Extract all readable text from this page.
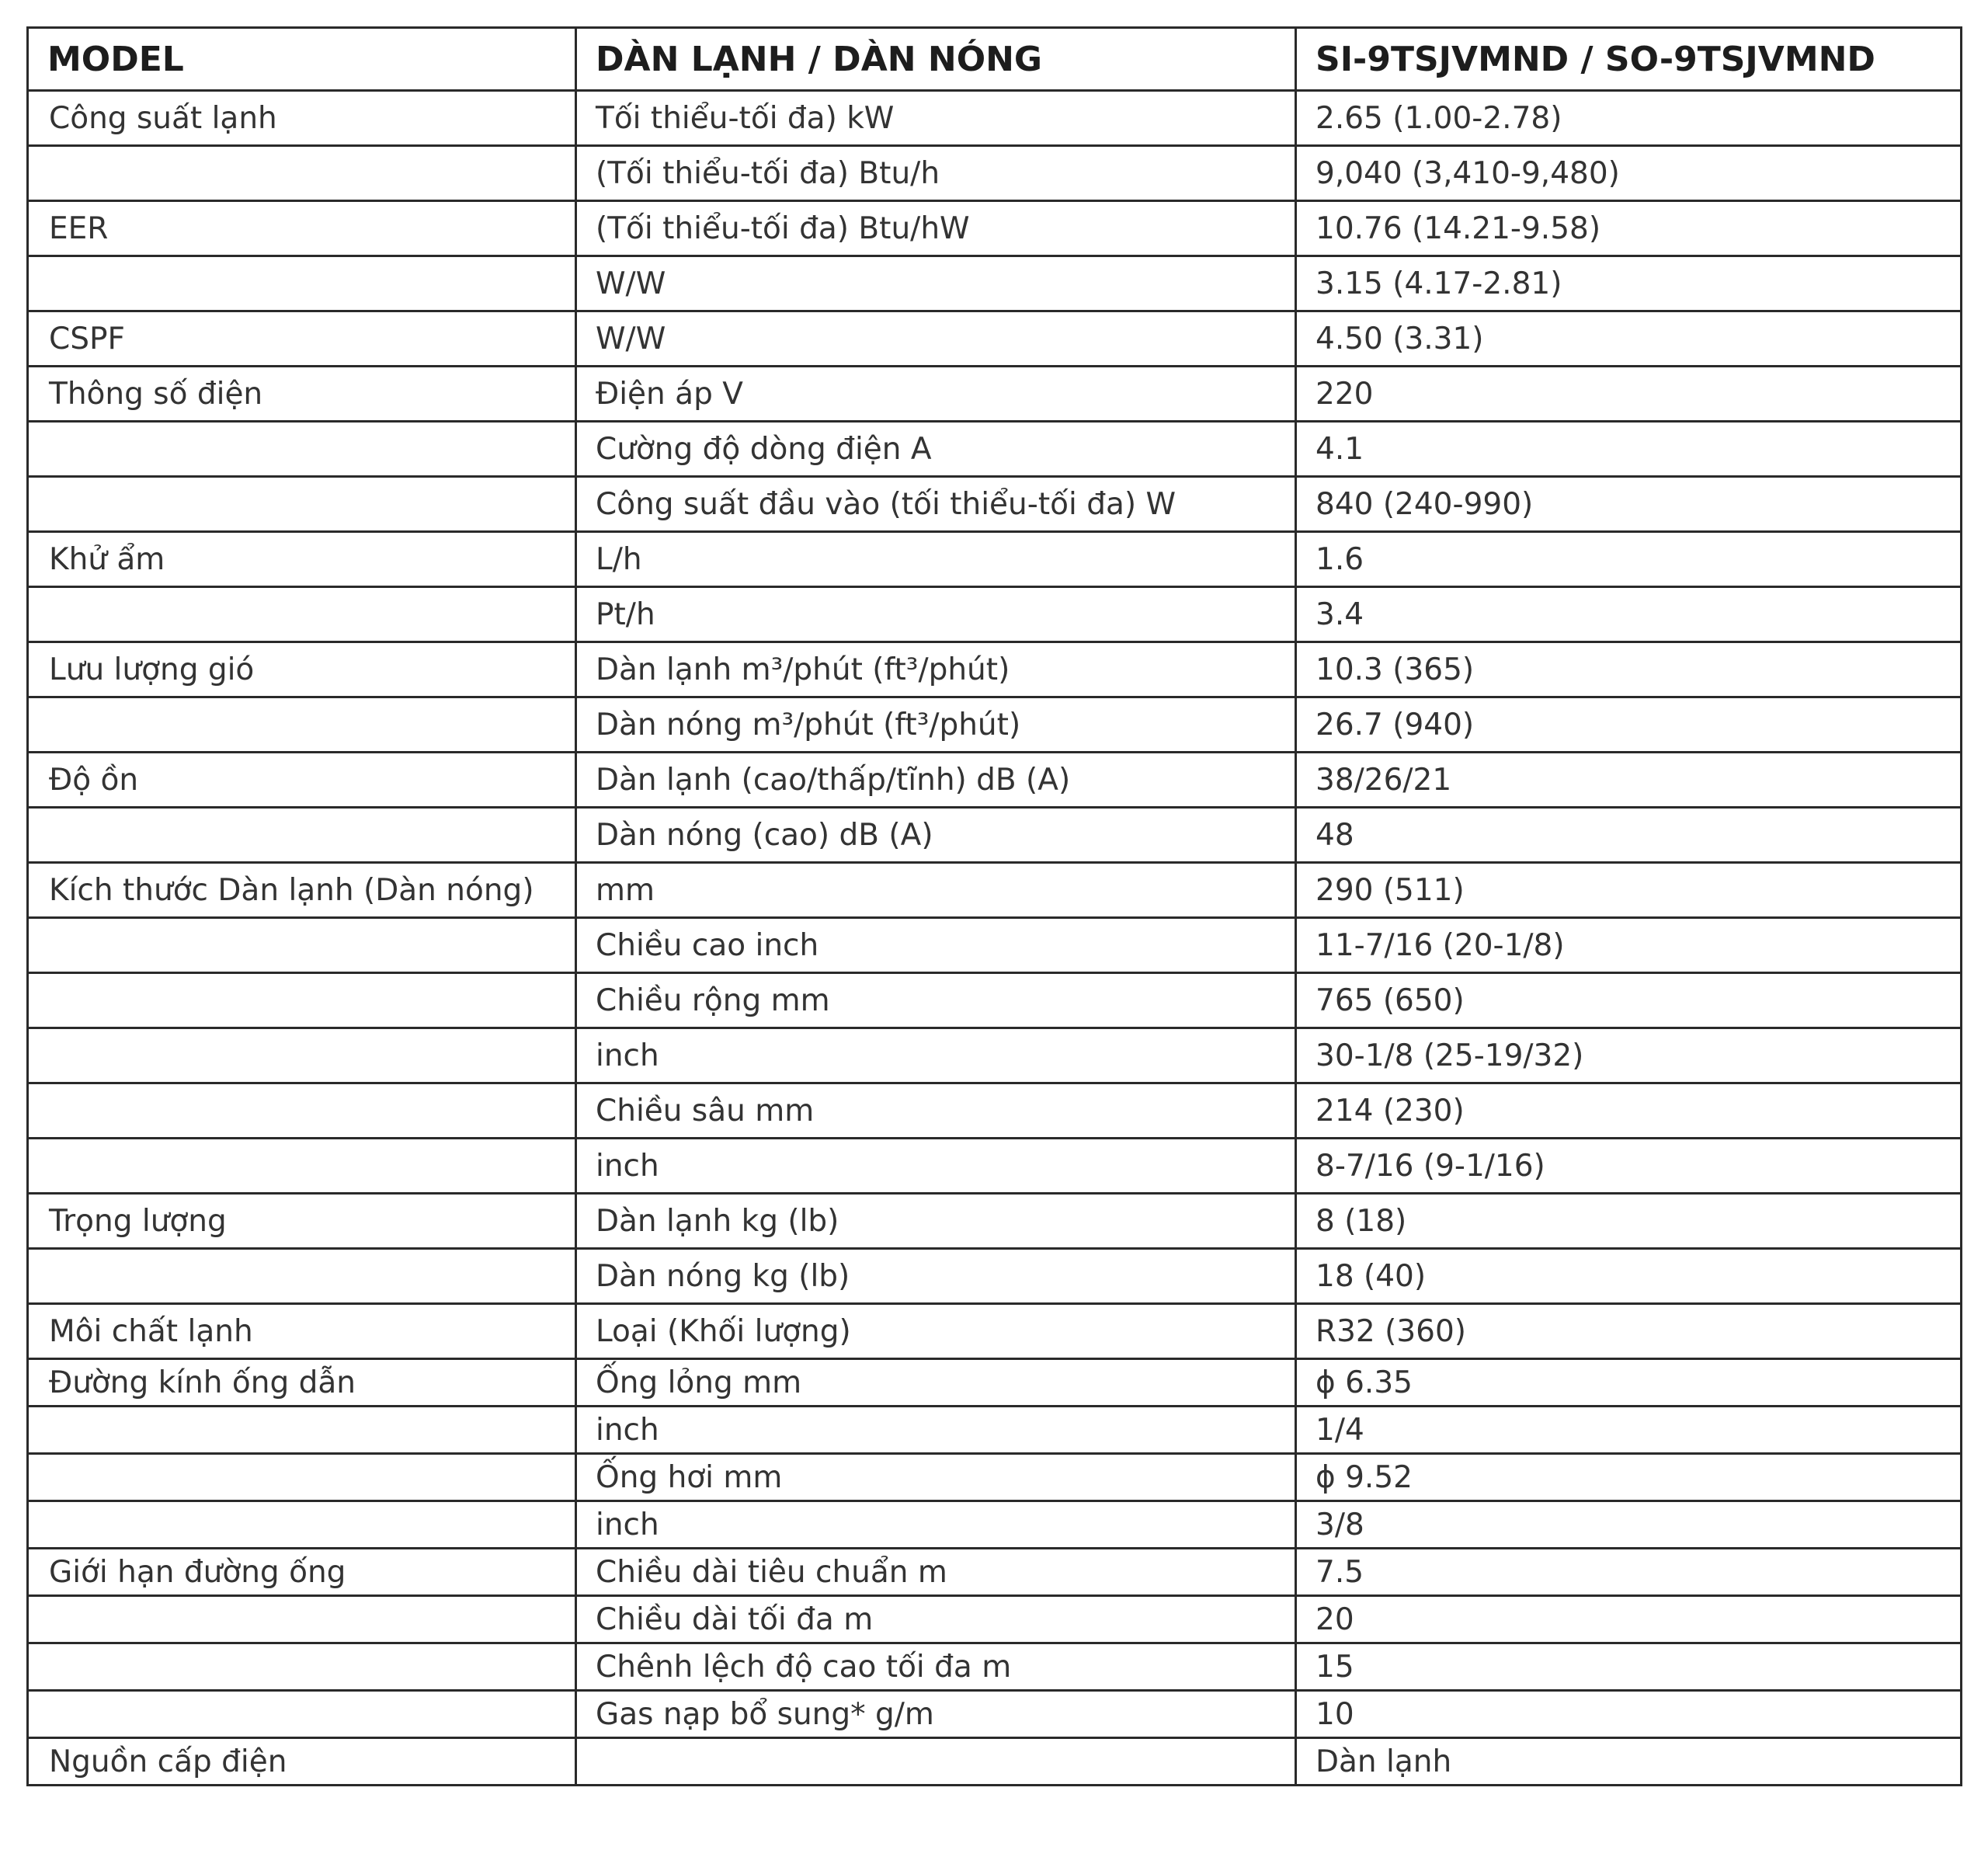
MODEL	DÀN LẠNH / DÀN NÓNG	SI-9TSJVMND / SO-9TSJVMND
Công suất lạnh	Tối thiểu-tối đa) kW	2.65 (1.00-2.78)
	(Tối thiểu-tối đa) Btu/h	9,040 (3,410-9,480)
EER	(Tối thiểu-tối đa) Btu/hW	10.76 (14.21-9.58)
	W/W	3.15 (4.17-2.81)
CSPF	W/W	4.50 (3.31)
Thông số điện	Điện áp V	220
	Cường độ dòng điện A	4.1
	Công suất đầu vào (tối thiểu-tối đa) W	840 (240-990)
Khử ẩm	L/h	1.6
	Pt/h	3.4
Lưu lượng gió	Dàn lạnh m³/phút (ft³/phút)	10.3 (365)
	Dàn nóng m³/phút (ft³/phút)	26.7 (940)
Độ ồn	Dàn lạnh (cao/thấp/tĩnh) dB (A)	38/26/21
	Dàn nóng (cao) dB (A)	48
Kích thước Dàn lạnh (Dàn nóng)	mm	290 (511)
	Chiều cao inch	11-7/16 (20-1/8)
	Chiều rộng mm	765 (650)
	inch	30-1/8 (25-19/32)
	Chiều sâu mm	214 (230)
	inch	8-7/16 (9-1/16)
Trọng lượng	Dàn lạnh kg (lb)	8 (18)
	Dàn nóng kg (lb)	18 (40)
Môi chất lạnh	Loại (Khối lượng)	R32 (360)
Đường kính ống dẫn	Ống lỏng mm	ϕ 6.35
	inch	1/4
	Ống hơi mm	ϕ 9.52
	inch	3/8
Giới hạn đường ống	Chiều dài tiêu chuẩn m	7.5
	Chiều dài tối đa m	20
	Chênh lệch độ cao tối đa m	15
	Gas nạp bổ sung* g/m	10
Nguồn cấp điện		Dàn lạnh
